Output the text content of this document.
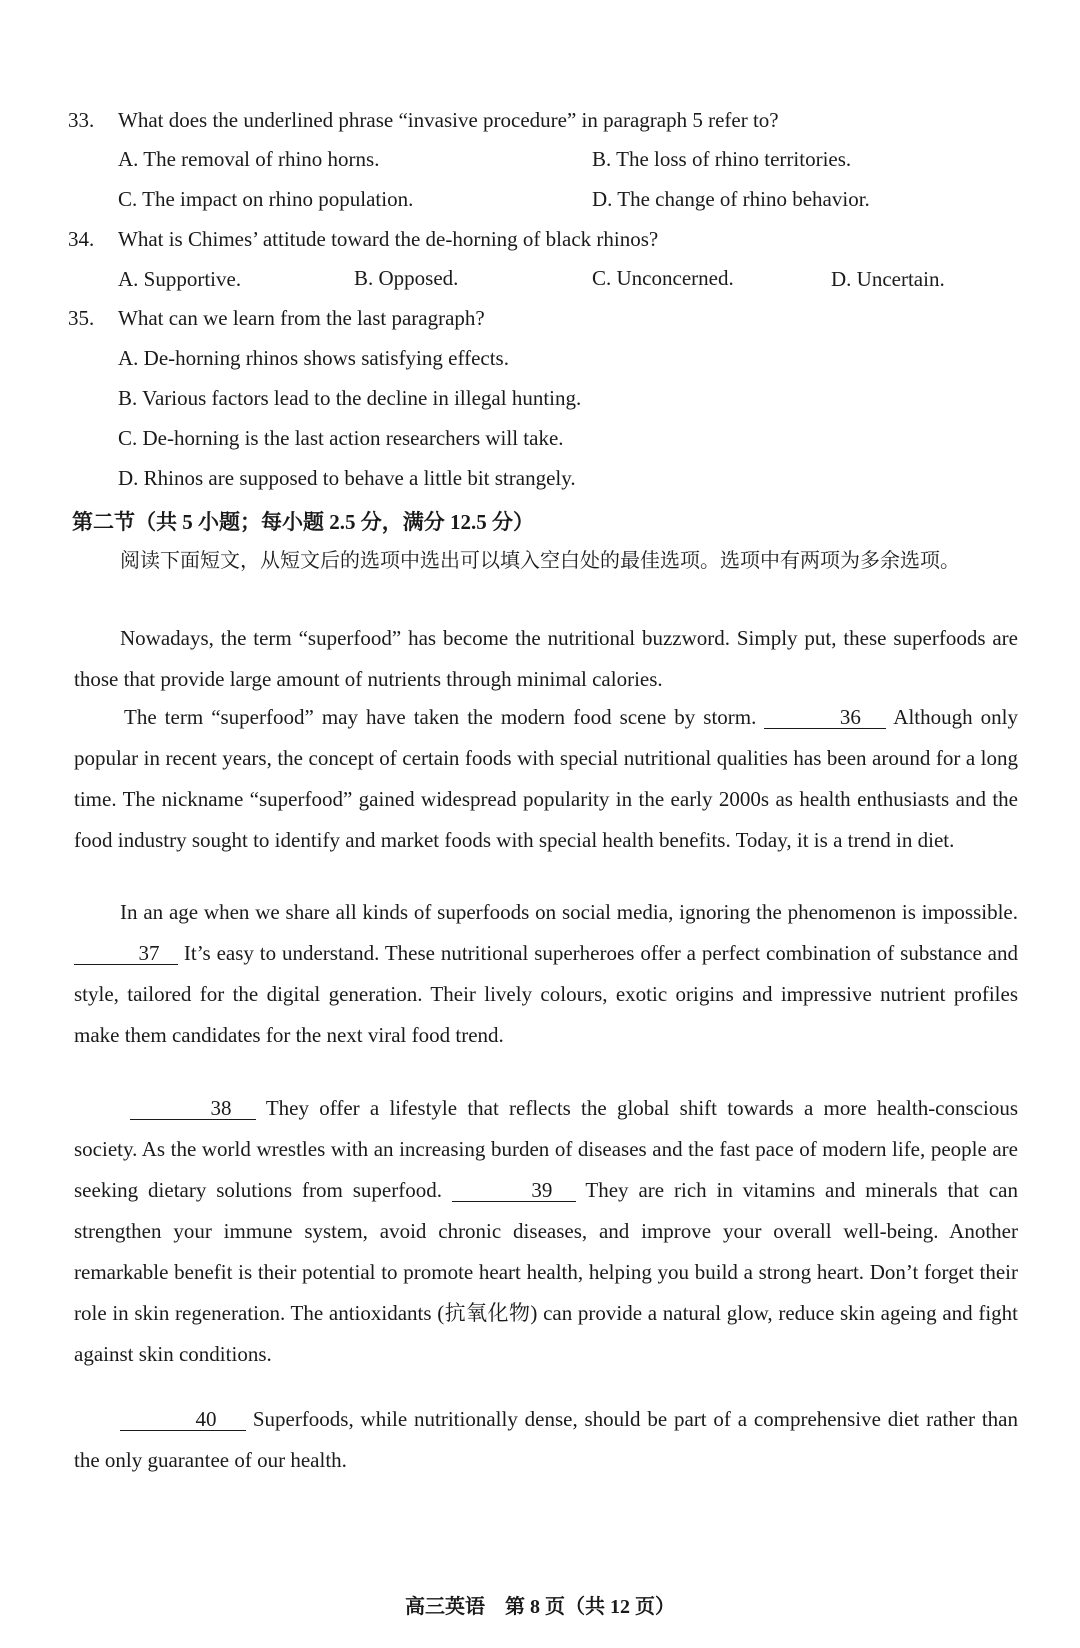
33. What does the underlined phrase “invasive procedure” in paragraph 5 refer to?
A. The removal of rhino horns.	B. The loss of rhino territories.
C. The impact on rhino population.	D. The change of rhino behavior.
34. What is Chimes’ attitude toward the de-horning of black rhinos?
A. Supportive.	B. Opposed.	C. Unconcerned.	D. Uncertain.
35. What can we learn from the last paragraph?
A. De-horning rhinos shows satisfying effects.
B. Various factors lead to the decline in illegal hunting.
C. De-horning is the last action researchers will take.
D. Rhinos are supposed to behave a little bit strangely.
第二节（共 5 小题；每小题 2.5 分，满分 12.5 分）
阅读下面短文，从短文后的选项中选出可以填入空白处的最佳选项。选项中有两项为多余选项。
Nowadays, the term “superfood” has become the nutritional buzzword. Simply put, these superfoods are those that provide large amount of nutrients through minimal calories.
The term “superfood” may have taken the modern food scene by storm.	36 Although only popular in recent years, the concept of certain foods with special nutritional qualities has been around for a long time. The nickname “superfood” gained widespread popularity in the early 2000s as health enthusiasts and the food industry sought to identify and market foods with special health benefits. Today, it is a trend in diet.
In an age when we share all kinds of superfoods on social media, ignoring the phenomenon is impossible. 37 It’s easy to understand. These nutritional superheroes offer a perfect combination of substance and style, tailored for the digital generation. Their lively colours, exotic origins and impressive nutrient profiles make them candidates for the next viral food trend.
38 They offer a lifestyle that reflects the global shift towards a more health-conscious society. As the world wrestles with an increasing burden of diseases and the fast pace of modern life, people are seeking dietary solutions from superfood.	39 They are rich in vitamins and minerals that can strengthen your immune system, avoid chronic diseases, and improve your overall well-being. Another remarkable benefit is their potential to promote heart health, helping you build a strong heart. Don’t forget their role in skin regeneration. The antioxidants (抗氧化物) can provide a natural glow, reduce skin ageing and fight against skin conditions.
40 Superfoods, while nutritionally dense, should be part of a comprehensive diet rather than the only guarantee of our health.
高三英语　第 8 页（共 12 页）
